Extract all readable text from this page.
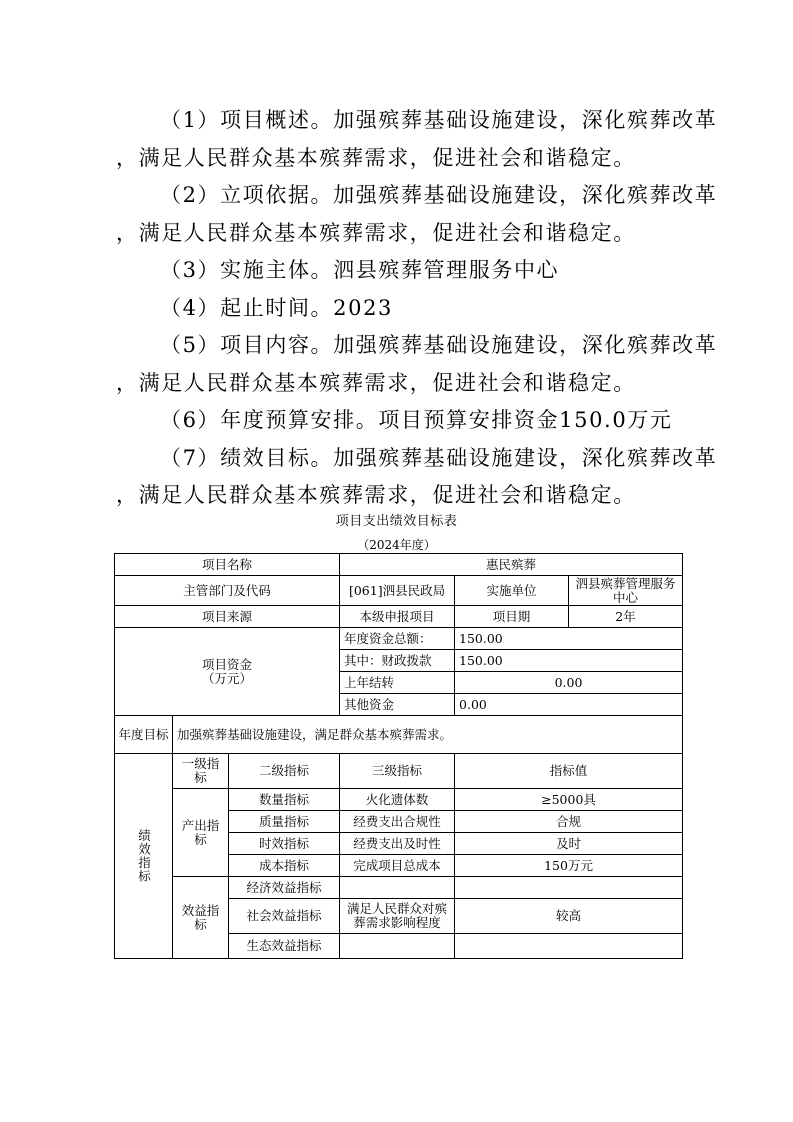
（1）项目概述。加强殡葬基础设施建设，深化殡葬改革
，满足人民群众基本殡葬需求，促进社会和谐稳定。
（2）立项依据。加强殡葬基础设施建设，深化殡葬改革
，满足人民群众基本殡葬需求，促进社会和谐稳定。
（3）实施主体。泗县殡葬管理服务中心
（4）起止时间。2023
（5）项目内容。加强殡葬基础设施建设，深化殡葬改革
，满足人民群众基本殡葬需求，促进社会和谐稳定。
（6）年度预算安排。项目预算安排资金150.0万元
（7）绩效目标。加强殡葬基础设施建设，深化殡葬改革
，满足人民群众基本殡葬需求，促进社会和谐稳定。
项目支出绩效目标表
（2024年度）
项目名称			惠民殡葬		
主管部门及代码			[061]泗县民政局	实施单位	泗县殡葬管理服务中心
项目来源			本级申报项目	项目期	2年
项目资金
（万元）			年度资金总额：	150.00	
			其中：财政拨款	150.00	
			上年结转	0.00	
			其他资金	0.00	
年度目标	加强殡葬基础设施建设，满足群众基本殡葬需求。				

绩效指标	一级指标	二级指标	三级指标	指标值	
	产出指标	数量指标	火化遗体数	≥5000具	
		质量指标	经费支出合规性	合规	
		时效指标	经费支出及时性	及时	
		成本指标	完成项目总成本	150万元	
	效益指标	经济效益指标			
		社会效益指标	满足人民群众对殡葬需求影响程度	较高	
		生态效益指标			
